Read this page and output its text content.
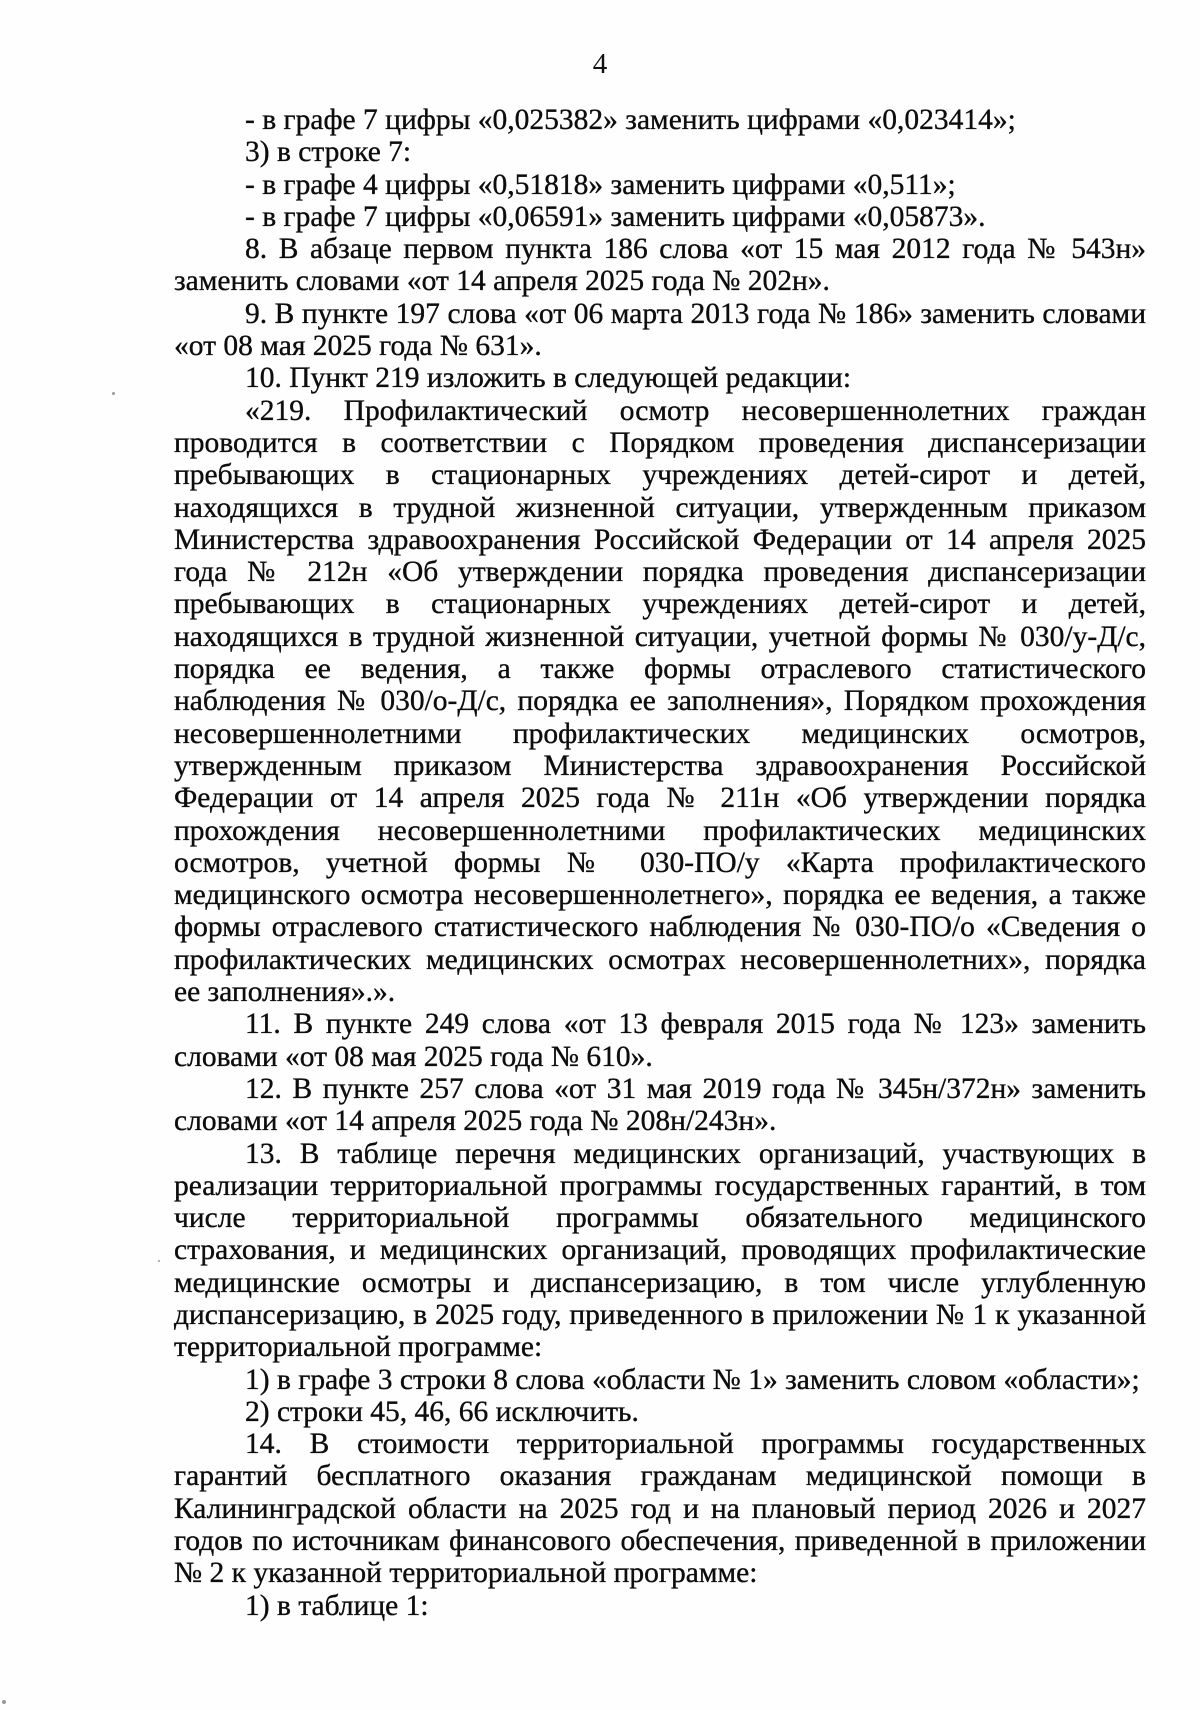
4

- в графе 7 цифры «0,025382» заменить цифрами «0,023414»;

3) в строке 7:

- в графе 4 цифры «0,51818» заменить цифрами «0,511»;

- в графе 7 цифры «0,06591» заменить цифрами «0,05873».

8. В абзаце первом пункта 186 слова «от 15 мая 2012 года № 543н» заменить словами «от 14 апреля 2025 года № 202н».

9. В пункте 197 слова «от 06 марта 2013 года № 186» заменить словами «от 08 мая 2025 года № 631».

10. Пункт 219 изложить в следующей редакции:

«219. Профилактический осмотр несовершеннолетних граждан проводится в соответствии с Порядком проведения диспансеризации пребывающих в стационарных учреждениях детей-сирот и детей, находящихся в трудной жизненной ситуации, утвержденным приказом Министерства здравоохранения Российской Федерации от 14 апреля 2025 года № 212н «Об утверждении порядка проведения диспансеризации пребывающих в стационарных учреждениях детей-сирот и детей, находящихся в трудной жизненной ситуации, учетной формы № 030/у-Д/с, порядка ее ведения, а также формы отраслевого статистического наблюдения № 030/о-Д/с, порядка ее заполнения», Порядком прохождения несовершеннолетними профилактических медицинских осмотров, утвержденным приказом Министерства здравоохранения Российской Федерации от 14 апреля 2025 года № 211н «Об утверждении порядка прохождения несовершеннолетними профилактических медицинских осмотров, учетной формы № 030-ПО/у «Карта профилактического медицинского осмотра несовершеннолетнего», порядка ее ведения, а также формы отраслевого статистического наблюдения № 030-ПО/о «Сведения о профилактических медицинских осмотрах несовершеннолетних», порядка ее заполнения».».

11. В пункте 249 слова «от 13 февраля 2015 года № 123» заменить словами «от 08 мая 2025 года № 610».

12. В пункте 257 слова «от 31 мая 2019 года № 345н/372н» заменить словами «от 14 апреля 2025 года № 208н/243н».

13. В таблице перечня медицинских организаций, участвующих в реализации территориальной программы государственных гарантий, в том числе территориальной программы обязательного медицинского страхования, и медицинских организаций, проводящих профилактические медицинские осмотры и диспансеризацию, в том числе углубленную диспансеризацию, в 2025 году, приведенного в приложении № 1 к указанной территориальной программе:

1) в графе 3 строки 8 слова «области № 1» заменить словом «области»;

2) строки 45, 46, 66 исключить.

14. В стоимости территориальной программы государственных гарантий бесплатного оказания гражданам медицинской помощи в Калининградской области на 2025 год и на плановый период 2026 и 2027 годов по источникам финансового обеспечения, приведенной в приложении № 2 к указанной территориальной программе:

1) в таблице 1:
